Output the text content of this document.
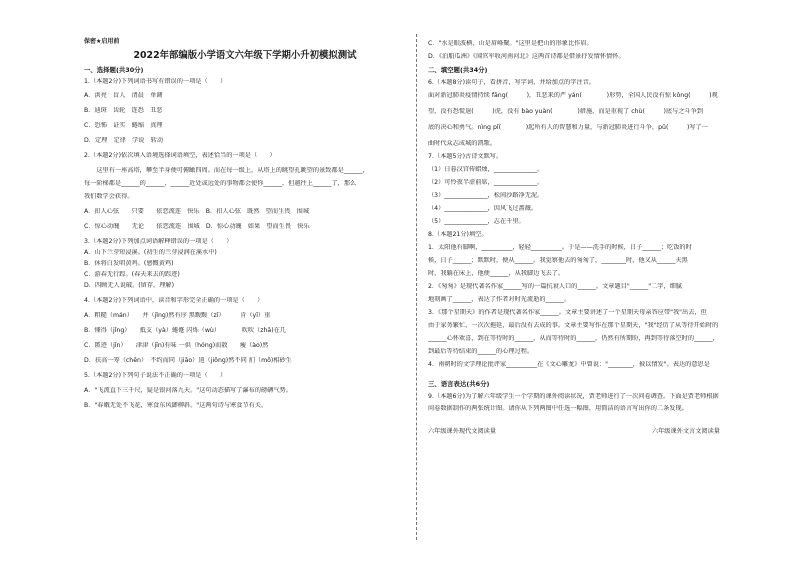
保密★启用前
2022年部编版小学语文六年级下学期小升初模拟测试
一、选择题(共30分)
1.（本题2分)下列词语书写有错误的一项是（　　）
A．洪亮　盲人　清晨　单调
B．迪斑　齿轮　连恐　丑恶
C．恐怖　证实　蜷缩　真理
D．定理　定律　学说　转动
2.（本题2分)依次填入语境选择词语填空，表述恰当的一项是（　　）
　　这里有一座高塔，攀至半身便可俯瞰四周。而在每一级上，从塔上的眺望孔眺望的景致都是______，
每一阶梯都是______的______，______近处或远处的事物都会使你______，但越往上______了，那么
我们数学会获得。
A．扣人心弦　　只要　　依恋流连　快乐　B．扣人心弦　既然　望而生畏　围城
C．惊心动魄　　无论　　依恋流连　围城　D．惊心动魄　如果　望而生畏　快乐
3.（本题2分)下列加点词语解释错误的一项是（　　）
A．山下兰芽短浸溪。(初生的兰芽浸润在溪水中)
B．休将白发唱黄鸡。(感慨黄鸡)
C．游春无行踪。(春天来去的踪迹)
D．四顾无人说破。(留存，理解)
4.（本题2分)下列词语中，读音和字形完全正确的一项是（　　）
A．粗糙（mán）　　井（jǐng)然有序 黑黢黢（zī）　　　肯（yī）重
B．懂得（jǐng）　　抵支（yà）蜷蹙 闪烁（wù）　　　　吹吹（zhā)在几
C．匿迹（jǐn）　　津津（jīn)有味 一供（hóng)而散　　瘦（ào)然
D．扶高一筹（chēn）　不约而同（jiāo）逍（jiōng)然不同 扪（mō)相砂生
5.（本题2分)下列句子说法不正确的一项是（　　）
A．"飞流直下三千尺，疑是银河落九天。"这句动态描写了瀑布的磅礴气势。
B．"春娥无处不飞花，寒食东风御柳斜。"这两句诗与寒食节有关。
C．"水是眼波横，山是眉峰聚。"这里是把山的形象比作眉。
D．《泊船瓜洲》《闻官军收河南河北》这两首诗都是借景抒发情怀情怀。
二、填空题(共34分)
6.（本题8分)读句子，看拼音，写字词，并给加点的字注音。
面对新冠肺炎疫情持续 fāng(　　　)，丑恶来的严 yán(　　　　)形势，全国人民没有惊 kǒng(　　　)观
望，没有恐慌退(　　　)虎，没有 bào yuàn(　　　　)措施，而是重视了 chù(　　　)底与之斗争到
底的决心和勇气。nìng pǐ(　　　　)起所有人的智慧和力量，与新冠肺炎进行斗争，pǔ(　　　)写了一
曲时代众志成城的凯歌。
7.（本题5分)古诗文默写。
（1）日暮汉宫传蜡烛，______________。
（2）可怜夜半虚前席，______________。
（3）______________，松间沙路净无泥。
（4）______________，因风飞过蔷薇。
（5）______________，志在千里。
8.（本题21分)填空。
1．太阳他有脚啊，__________，轻轻__________。于是——洗手的时候，日子______；吃饭的时
候，日子______；默默时，便从______。我觉察他去的匆匆了，________时，他又从______天黑
时，我躺在床上，他便______，从我脚边飞去了。
2．《匆匆》是现代著名作家______写的一篇抗衰人口的______。文章题目"______"二字，细腻
地刻画了______，表达了作者对时光流逝的______。
3．《那个星期天》的作者是现代著名作家______。文章主要讲述了一个星期天母亲答应带"我"出去，但
由于家务繁忙，一次次拖延，最后没有去成的事。文章主要写作在那个星期天，"我"经历了从等待开始时的
______心怀欢喜，到在等待时的______，从而等待时的______，仍然有所期盼，再到等待落空时的______，
到最后等待结束的______的心理过程。
4．南朝时的文学理论批评家__________在《文心雕龙》中曾说："________，披以情发"。表达的意思是
三、语言表达(共6分)
9.（本题6分)为了解六年级学生一个学期的课外阅读状况，贾老师进行了一次问卷调查。下面是贾老师根据
问卷数据制作的两张统计图。请你从下列两图中任选一幅图，用简洁的语言写出你的二条发现。
六年级课外现代文阅读量	六年级课外文言文阅读量
